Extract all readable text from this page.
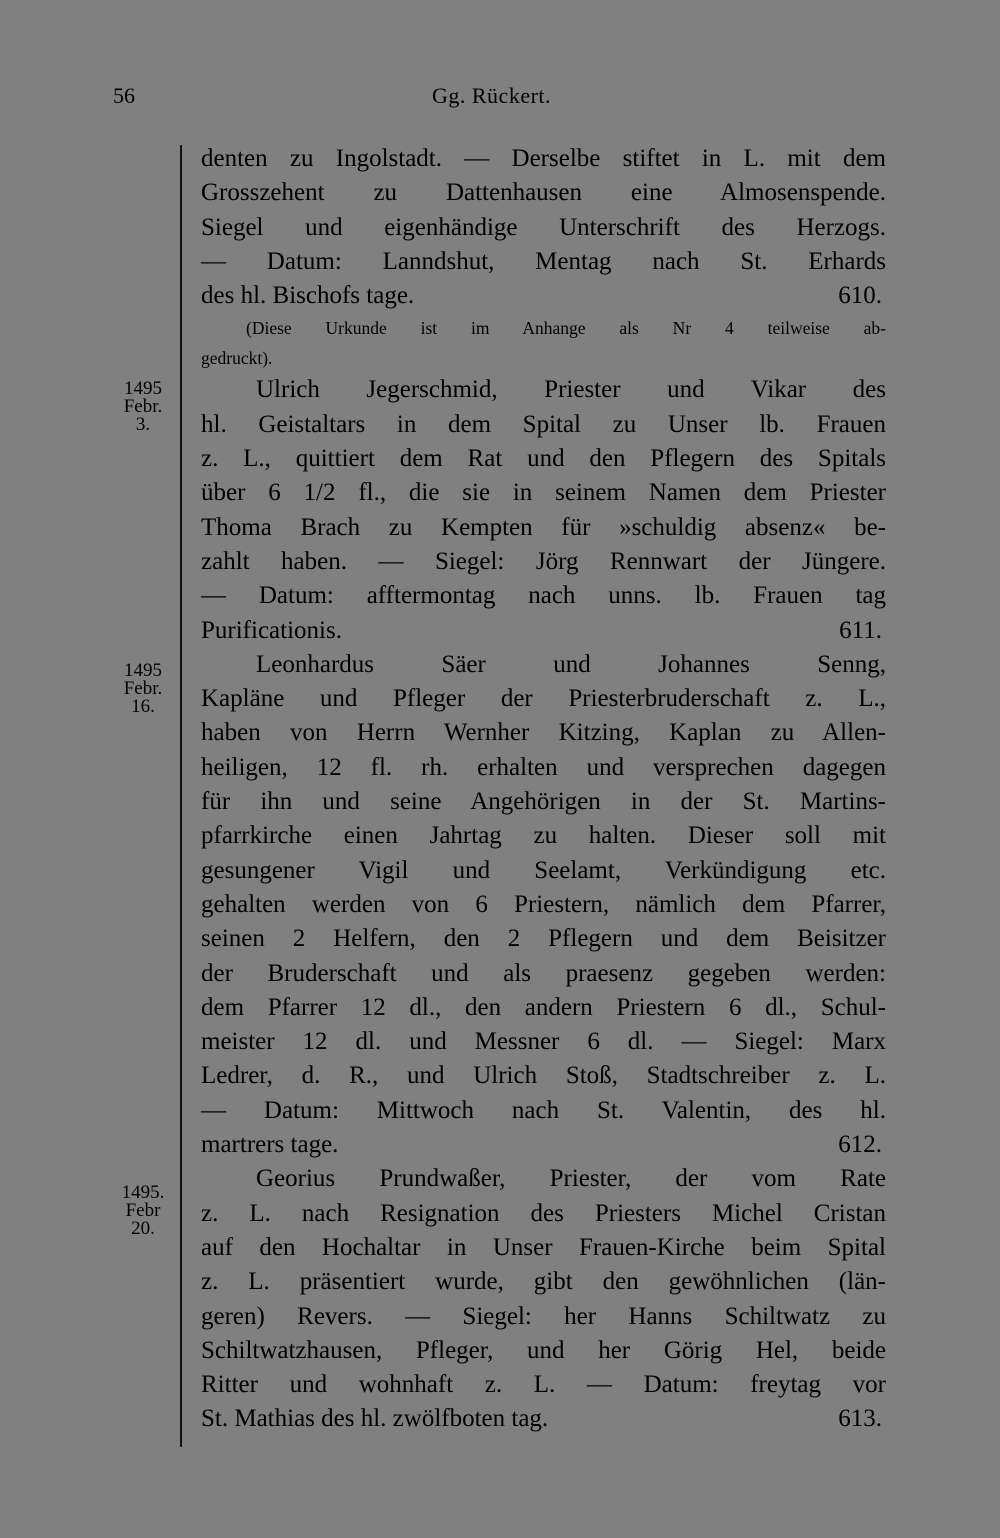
56	Gg. Rückert.
1495
Febr.
3.
1495
Febr.
16.
1495.
Febr
20.
denten zu Ingolstadt. — Derselbe stiftet in L. mit dem
Grosszehent zu Dattenhausen eine Almosenspende.
Siegel und eigenhändige Unterschrift des Herzogs.
— Datum: Lanndshut, Mentag nach St. Erhards
des hl. Bischofs tage.	610.
(Diese Urkunde ist im Anhange als Nr 4 teilweise ab-
gedruckt).
Ulrich Jegerschmid, Priester und Vikar des
hl. Geistaltars in dem Spital zu Unser lb. Frauen
z. L., quittiert dem Rat und den Pflegern des Spitals
über 6 1/2 fl., die sie in seinem Namen dem Priester
Thoma Brach zu Kempten für »schuldig absenz« be-
zahlt haben. — Siegel: Jörg Rennwart der Jüngere.
— Datum: afftermontag nach unns. lb. Frauen tag
Purificationis.	611.
Leonhardus Säer und Johannes Senng,
Kapläne und Pfleger der Priesterbruderschaft z. L.,
haben von Herrn Wernher Kitzing, Kaplan zu Allen-
heiligen, 12 fl. rh. erhalten und versprechen dagegen
für ihn und seine Angehörigen in der St. Martins-
pfarrkirche einen Jahrtag zu halten. Dieser soll mit
gesungener Vigil und Seelamt, Verkündigung etc.
gehalten werden von 6 Priestern, nämlich dem Pfarrer,
seinen 2 Helfern, den 2 Pflegern und dem Beisitzer
der Bruderschaft und als praesenz gegeben werden:
dem Pfarrer 12 dl., den andern Priestern 6 dl., Schul-
meister 12 dl. und Messner 6 dl. — Siegel: Marx
Ledrer, d. R., und Ulrich Stoß, Stadtschreiber z. L.
— Datum: Mittwoch nach St. Valentin, des hl.
martrers tage.	612.
Georius Prundwaßer, Priester, der vom Rate
z. L. nach Resignation des Priesters Michel Cristan
auf den Hochaltar in Unser Frauen-Kirche beim Spital
z. L. präsentiert wurde, gibt den gewöhnlichen (län-
geren) Revers. — Siegel: her Hanns Schiltwatz zu
Schiltwatzhausen, Pfleger, und her Görig Hel, beide
Ritter und wohnhaft z. L. — Datum: freytag vor
St. Mathias des hl. zwölfboten tag.	613.
